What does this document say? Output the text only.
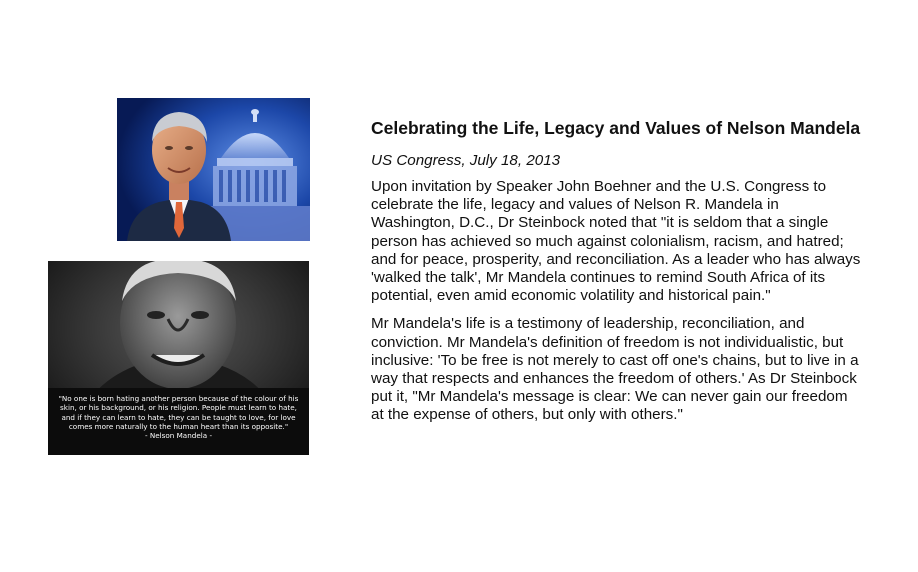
"No one is born hating another person because of the colour of his skin, or his background, or his religion. People must learn to hate, and if they can learn to hate, they can be taught to love, for love comes more naturally to the human heart than its opposite."
- Nelson Mandela -
Celebrating the Life, Legacy and Values of Nelson Mandela

US Congress, July 18, 2013

Upon invitation by Speaker John Boehner and the U.S. Congress to celebrate the life, legacy and values of Nelson R. Mandela in Washington, D.C., Dr Steinbock noted that "it is seldom that a single person has achieved so much against colonialism, racism, and hatred; and for peace, prosperity, and reconciliation. As a leader who has always 'walked the talk', Mr Mandela continues to remind South Africa of its potential, even amid economic volatility and historical pain."

Mr Mandela's life is a testimony of leadership, reconciliation, and conviction. Mr Mandela's definition of freedom is not individualistic, but inclusive: 'To be free is not merely to cast off one's chains, but to live in a way that respects and enhances the freedom of others.' As Dr Steinbock put it, "Mr Mandela's message is clear: We can never gain our freedom at the expense of others, but only with others."
